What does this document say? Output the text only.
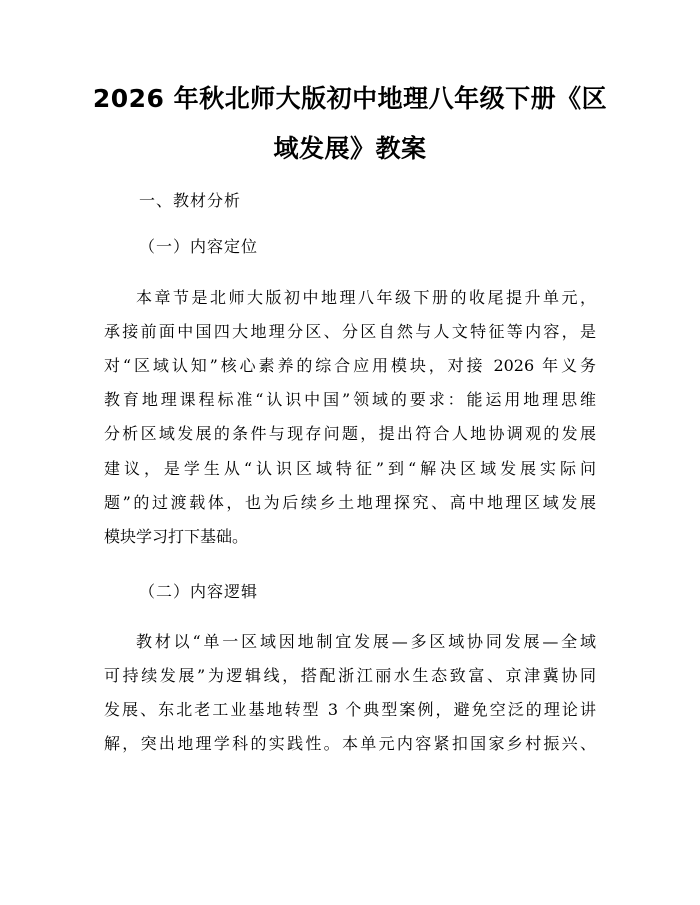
2026 年秋北师大版初中地理八年级下册《区
域发展》教案
一、教材分析
（一）内容定位
本章节是北师大版初中地理八年级下册的收尾提升单元，
承接前面中国四大地理分区、分区自然与人文特征等内容，是
对“区域认知”核心素养的综合应用模块，对接 2026 年义务
教育地理课程标准“认识中国”领域的要求：能运用地理思维
分析区域发展的条件与现存问题，提出符合人地协调观的发展
建议，是学生从“认识区域特征”到“解决区域发展实际问
题”的过渡载体，也为后续乡土地理探究、高中地理区域发展
模块学习打下基础。
（二）内容逻辑
教材以“单一区域因地制宜发展—多区域协同发展—全域
可持续发展”为逻辑线，搭配浙江丽水生态致富、京津冀协同
发展、东北老工业基地转型 3 个典型案例，避免空泛的理论讲
解，突出地理学科的实践性。本单元内容紧扣国家乡村振兴、
